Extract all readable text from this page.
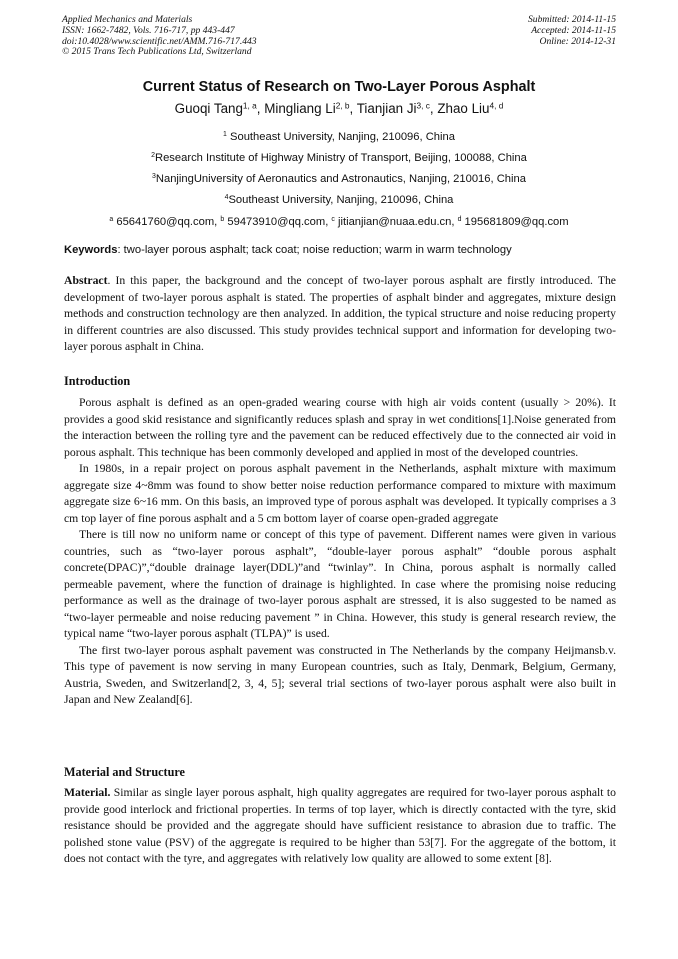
Applied Mechanics and Materials
ISSN: 1662-7482, Vols. 716-717, pp 443-447
doi:10.4028/www.scientific.net/AMM.716-717.443
© 2015 Trans Tech Publications Ltd, Switzerland
Submitted: 2014-11-15
Accepted: 2014-11-15
Online: 2014-12-31
Current Status of Research on Two-Layer Porous Asphalt
Guoqi Tang$^{1, a}$, Mingliang Li$^{2, b}$, Tianjian Ji$^{3, c}$, Zhao Liu$^{4, d}$
$^1$ Southeast University, Nanjing, 210096, China
$^2$Research Institute of Highway Ministry of Transport, Beijing, 100088, China
$^3$NanjingUniversity of Aeronautics and Astronautics, Nanjing, 210016, China
$^4$Southeast University, Nanjing, 210096, China
$^a$ 65641760@qq.com, $^b$ 59473910@qq.com, $^c$ jitianjian@nuaa.edu.cn, $^d$ 195681809@qq.com
Keywords: two-layer porous asphalt; tack coat; noise reduction; warm in warm technology

Abstract. In this paper, the background and the concept of two-layer porous asphalt are firstly introduced. The development of two-layer porous asphalt is stated. The properties of asphalt binder and aggregates, mixture design methods and construction technology are then analyzed. In addition, the typical structure and noise reducing property in different countries are also discussed. This study provides technical support and information for developing two-layer porous asphalt in China.

Introduction

Porous asphalt is defined as an open-graded wearing course with high air voids content (usually > 20%). It provides a good skid resistance and significantly reduces splash and spray in wet conditions[1].Noise generated from the interaction between the rolling tyre and the pavement can be reduced effectively due to the connected air void in porous asphalt. This technique has been commonly developed and applied in most of the developed countries.

In 1980s, in a repair project on porous asphalt pavement in the Netherlands, asphalt mixture with maximum aggregate size 4~8mm was found to show better noise reduction performance compared to mixture with maximum aggregate size 6~16 mm. On this basis, an improved type of porous asphalt was developed. It typically comprises a 3 cm top layer of fine porous asphalt and a 5 cm bottom layer of coarse open-graded aggregate

There is till now no uniform name or concept of this type of pavement. Different names were given in various countries, such as “two-layer porous asphalt”, “double-layer porous asphalt” “double porous asphalt concrete(DPAC)”,“double drainage layer(DDL)”and “twinlay”. In China, porous asphalt is normally called permeable pavement, where the function of drainage is highlighted. In case where the promising noise reducing performance as well as the drainage of two-layer porous asphalt are stressed, it is also suggested to be named as “two-layer permeable and noise reducing pavement ” in China. However, this study is general research review, the typical name “two-layer porous asphalt (TLPA)” is used.

The first two-layer porous asphalt pavement was constructed in The Netherlands by the company Heijmansb.v. This type of pavement is now serving in many European countries, such as Italy, Denmark, Belgium, Germany, Austria, Sweden, and Switzerland[2, 3, 4, 5]; several trial sections of two-layer porous asphalt were also built in Japan and New Zealand[6].

Material and Structure

Material. Similar as single layer porous asphalt, high quality aggregates are required for two-layer porous asphalt to provide good interlock and frictional properties. In terms of top layer, which is directly contacted with the tyre, skid resistance should be provided and the aggregate should have sufficient resistance to abrasion due to traffic. The polished stone value (PSV) of the aggregate is required to be higher than 53[7]. For the aggregate of the bottom, it does not contact with the tyre, and aggregates with relatively low quality are allowed to some extent [8].
